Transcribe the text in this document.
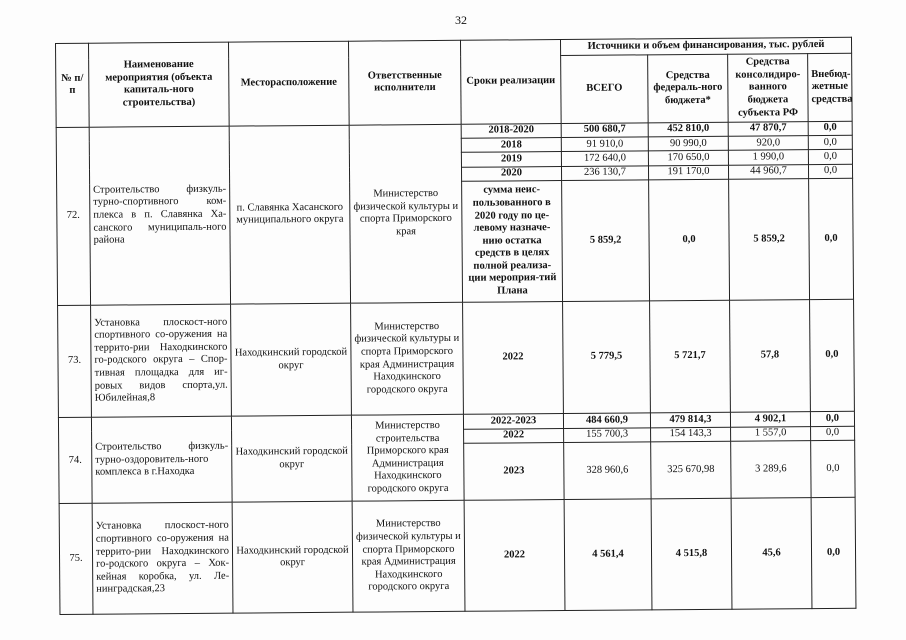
32
№ п/п	Наименование мероприятия (объекта капиталь-ного строительства)	Месторасположение	Ответственные исполнители	Сроки реализации	Источники и объем финансирования, тыс. рублей			
					ВСЕГО	Средства федераль-ного бюджета*	Средства консолидиро-ванного бюджета субъекта РФ	Внебюд-жетные средства
72.	Строительство физкуль-турно-спортивного ком-плекса в п. Славянка Ха-санского муниципаль-ного района	п. Славянка Хасанского муниципального округа	Министерство физической культуры и спорта Приморского края	2018-2020	500 680,7	452 810,0	47 870,7	0,0
				2018	91 910,0	90 990,0	920,0	0,0
				2019	172 640,0	170 650,0	1 990,0	0,0
				2020	236 130,7	191 170,0	44 960,7	0,0
				сумма неис-пользованного в 2020 году по це-левому назначе-нию остатка средств в целях полной реализа-ции мероприя-тий Плана	5 859,2	0,0	5 859,2	0,0
73.	Установка плоскост-ного спортивного со-оружения на террито-рии Находкинского го-родского округа – Спор-тивная площадка для иг-ровых видов спорта,ул. Юбилейная,8	Находкинский городской округ	Министерство физической культуры и спорта Приморского края Администрация Находкинского городского округа	2022	5 779,5	5 721,7	57,8	0,0
74.	Строительство физкуль-турно-оздоровитель-ного комплекса в г.Находка	Находкинский городской округ	Министерство строительства Приморского края Администрация Находкинского городского округа	2022-2023	484 660,9	479 814,3	4 902,1	0,0
				2022	155 700,3	154 143,3	1 557,0	0,0
				2023	328 960,6	325 670,98	3 289,6	0,0
75.	Установка плоскост-ного спортивного со-оружения на террито-рии Находкинского го-родского округа – Хок-кейная коробка, ул. Ле-нинградская,23	Находкинский городской округ	Министерство физической культуры и спорта Приморского края Администрация Находкинского городского округа	2022	4 561,4	4 515,8	45,6	0,0
